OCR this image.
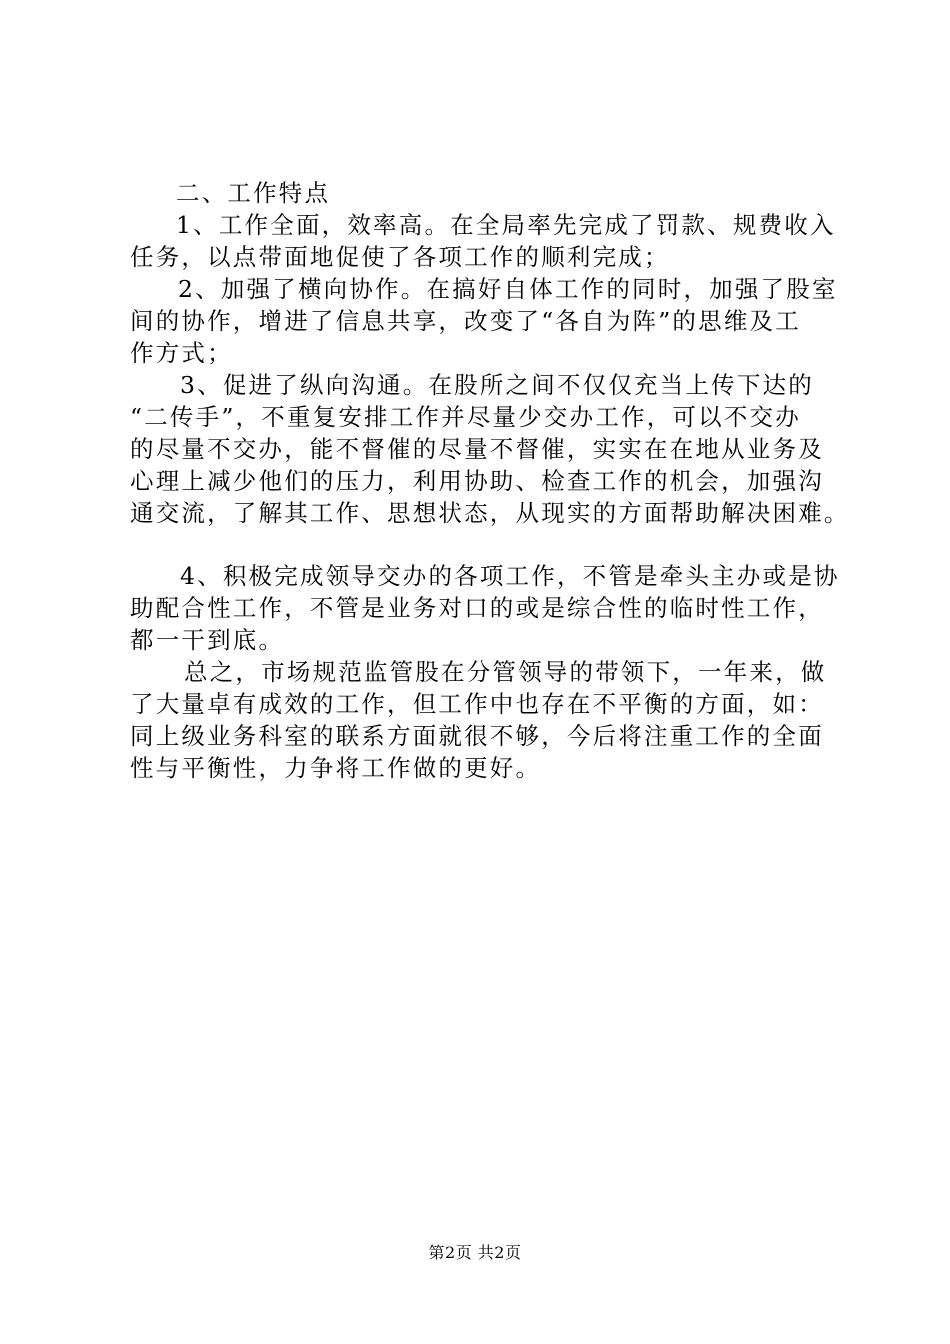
二、工作特点
1、工作全面，效率高。在全局率先完成了罚款、规费收入
任务，以点带面地促使了各项工作的顺利完成；
2、加强了横向协作。在搞好自体工作的同时，加强了股室
间的协作，增进了信息共享，改变了“各自为阵”的思维及工
作方式；
3、促进了纵向沟通。在股所之间不仅仅充当上传下达的
“二传手”，不重复安排工作并尽量少交办工作，可以不交办
的尽量不交办，能不督催的尽量不督催，实实在在地从业务及
心理上减少他们的压力，利用协助、检查工作的机会，加强沟
通交流，了解其工作、思想状态，从现实的方面帮助解决困难。
4、积极完成领导交办的各项工作，不管是牵头主办或是协
助配合性工作，不管是业务对口的或是综合性的临时性工作，
都一干到底。
总之，市场规范监管股在分管领导的带领下，一年来，做
了大量卓有成效的工作，但工作中也存在不平衡的方面，如：
同上级业务科室的联系方面就很不够，今后将注重工作的全面
性与平衡性，力争将工作做的更好。
第2页 共2页
